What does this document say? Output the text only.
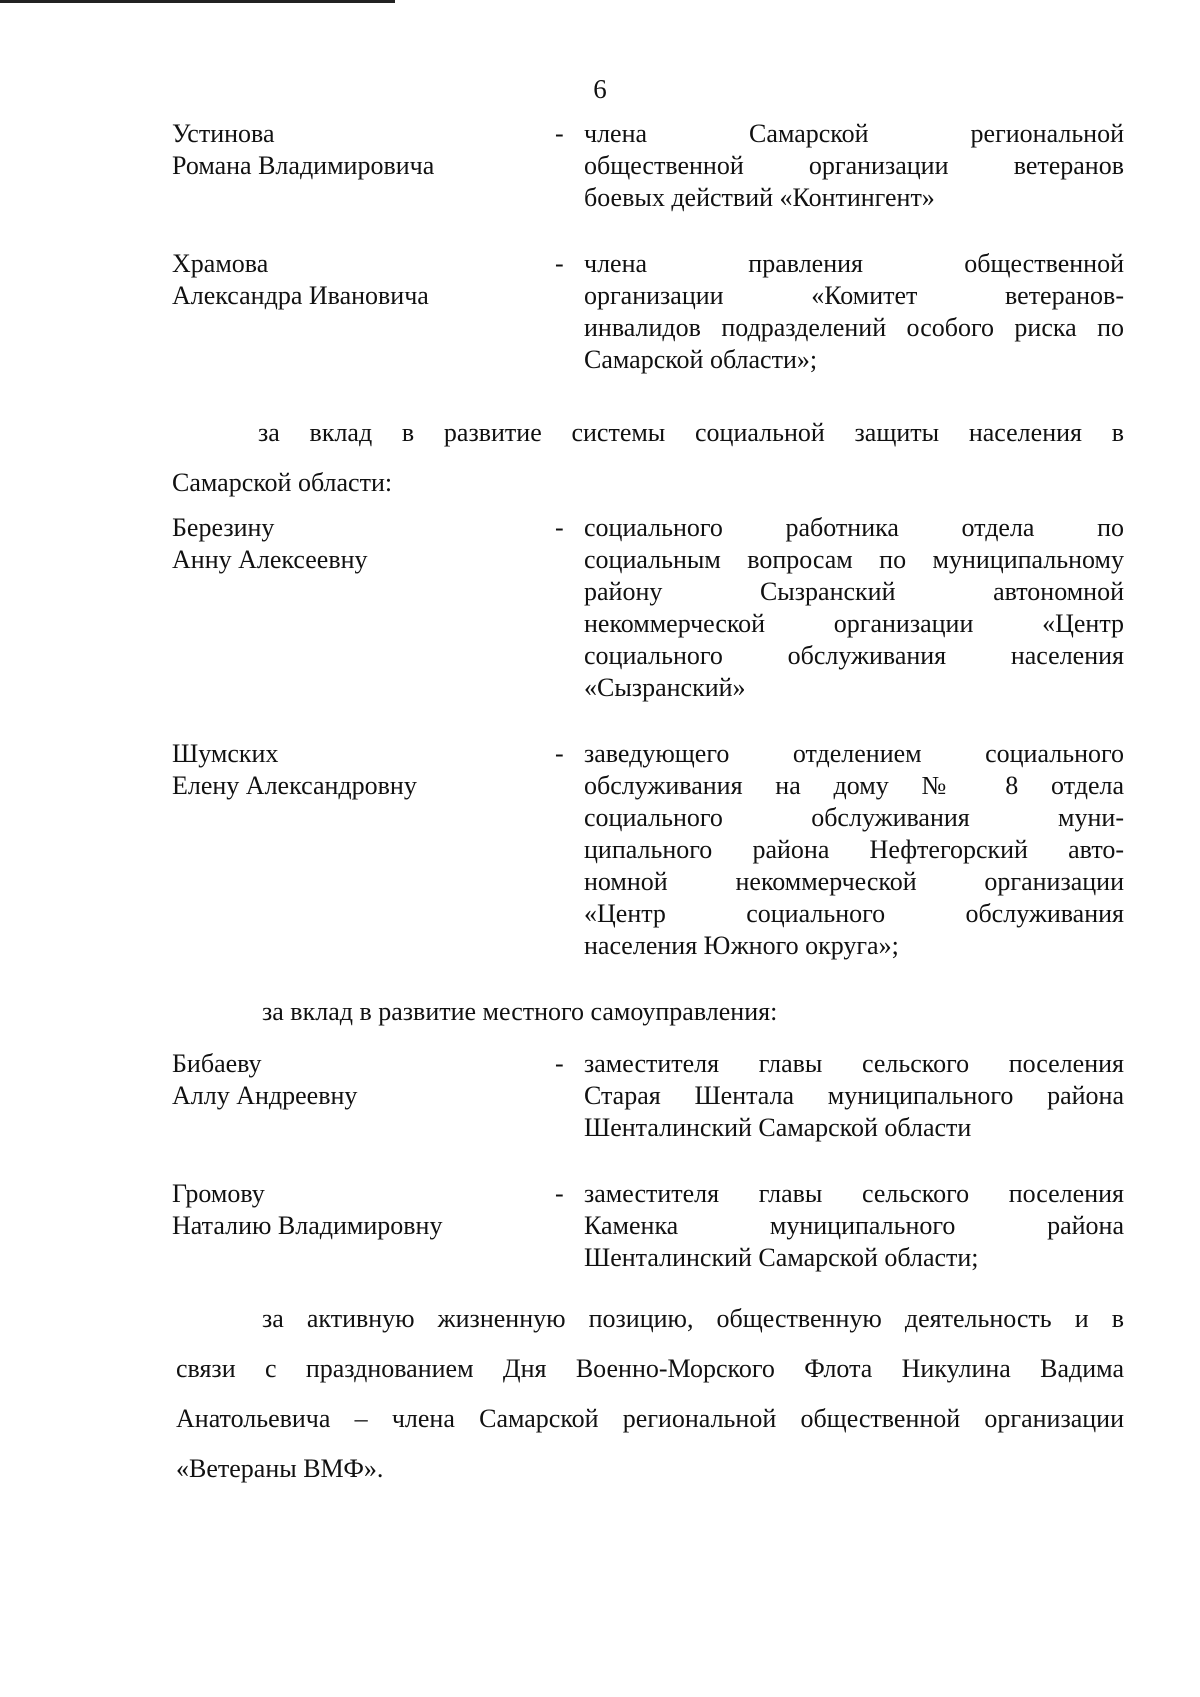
6
Устинова
Романа Владимировича
- члена Самарской региональной
общественной организации ветеранов
боевых действий «Контингент»
Храмова
Александра Ивановича
- члена правления общественной
организации «Комитет ветеранов-
инвалидов подразделений особого риска по
Самарской области»;
за вклад в развитие системы социальной защиты населения в
Самарской области:
Березину
Анну Алексеевну
- социального работника отдела по
социальным вопросам по муниципальному
району Сызранский автономной
некоммерческой организации «Центр
социального обслуживания населения
«Сызранский»
Шумских
Елену Александровну
- заведующего отделением социального
обслуживания на дому № 8 отдела
социального обслуживания муни-
ципального района Нефтегорский авто-
номной некоммерческой организации
«Центр социального обслуживания
населения Южного округа»;
за вклад в развитие местного самоуправления:
Бибаеву
Аллу Андреевну
- заместителя главы сельского поселения
Старая Шентала муниципального района
Шенталинский Самарской области
Громову
Наталию Владимировну
- заместителя главы сельского поселения
Каменка муниципального района
Шенталинский Самарской области;
за активную жизненную позицию, общественную деятельность и в
связи с празднованием Дня Военно-Морского Флота Никулина Вадима
Анатольевича – члена Самарской региональной общественной организации
«Ветераны ВМФ».
